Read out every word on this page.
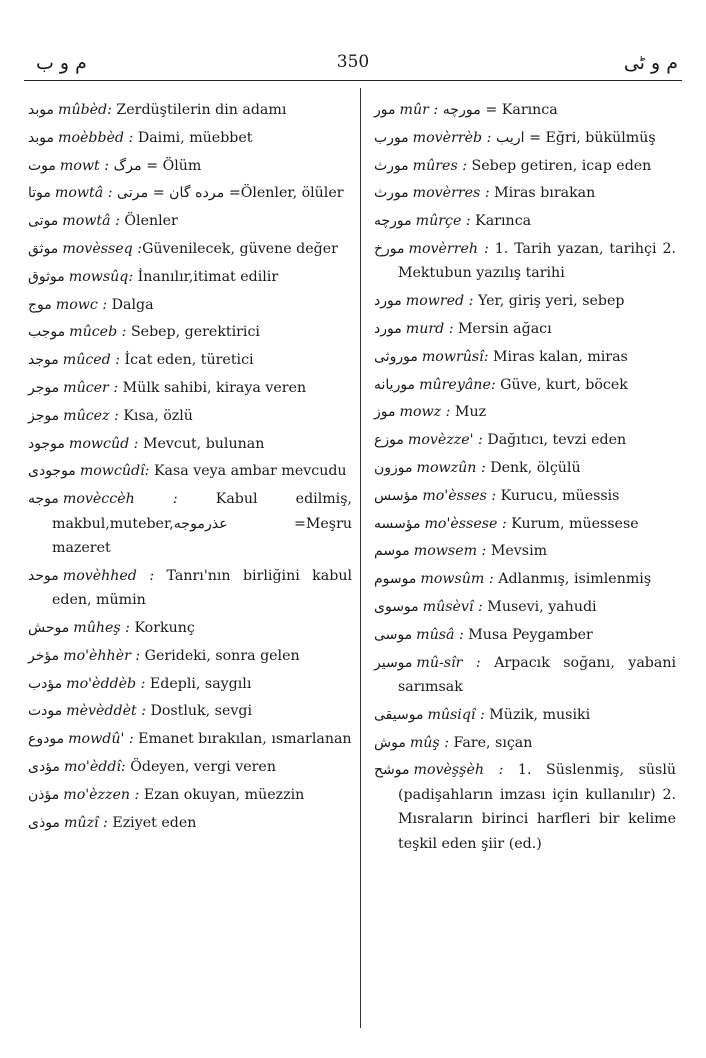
م و ب	350	م و ٹی
موبد mûbèd: Zerdüştilerin din adamı
موبد moèbbèd : Daimi, müebbet
موت mowt : مرگ = Ölüm
موتا mowtâ : مرده گان = مرتی =Ölenler, ölüler
موتی mowtâ : Ölenler
موثق movèsseq :Güvenilecek, güvene değer
موثوق mowsûq: İnanılır,itimat edilir
موج mowc : Dalga
موجب mûceb : Sebep, gerektirici
موجد mûced : İcat eden, türetici
موجر mûcer : Mülk sahibi, kiraya veren
موجز mûcez : Kısa, özlü
موجود mowcûd : Mevcut, bulunan
موجودی mowcûdî: Kasa veya ambar mevcudu
موجه movèccèh : Kabul edilmiş, makbul,muteber,عذرموجه =Meşru mazeret
موحد movèhhed : Tanrı'nın birliğini kabul eden, mümin
موحش mûheş : Korkunç
مؤخر mo'èhhèr : Gerideki, sonra gelen
مؤدب mo'èddèb : Edepli, saygılı
مودت mèvèddèt : Dostluk, sevgi
مودوع mowdû' : Emanet bırakılan, ısmarlanan
مؤدی mo'èddî: Ödeyen, vergi veren
مؤذن mo'èzzen : Ezan okuyan, müezzin
موذی mûzî : Eziyet eden
مور mûr : مورچه = Karınca
مورب movèrrèb : اریب = Eğri, bükülmüş
مورث mûres : Sebep getiren, icap eden
مورث movèrres : Miras bırakan
مورچه mûrçe : Karınca
مورخ movèrreh : 1. Tarih yazan, tarihçi 2. Mektubun yazılış tarihi
مورد mowred : Yer, giriş yeri, sebep
مورد murd : Mersin ağacı
موروثی mowrûsî: Miras kalan, miras
موریانه mûreyâne: Güve, kurt, böcek
موز mowz : Muz
موزع movèzze' : Dağıtıcı, tevzi eden
موزون mowzûn : Denk, ölçülü
مؤسس mo'èsses : Kurucu, müessis
مؤسسه mo'èssese : Kurum, müessese
موسم mowsem : Mevsim
موسوم mowsûm : Adlanmış, isimlenmiş
موسوی mûsèvî : Musevi, yahudi
موسی mûsâ : Musa Peygamber
موسیر mû-sîr : Arpacık soğanı, yabani sarımsak
موسیقی mûsiqî : Müzik, musiki
موش mûş : Fare, sıçan
موشح movèşşèh : 1. Süslenmiş, süslü (padişahların imzası için kullanılır) 2. Mısraların birinci harfleri bir kelime teşkil eden şiir (ed.)
